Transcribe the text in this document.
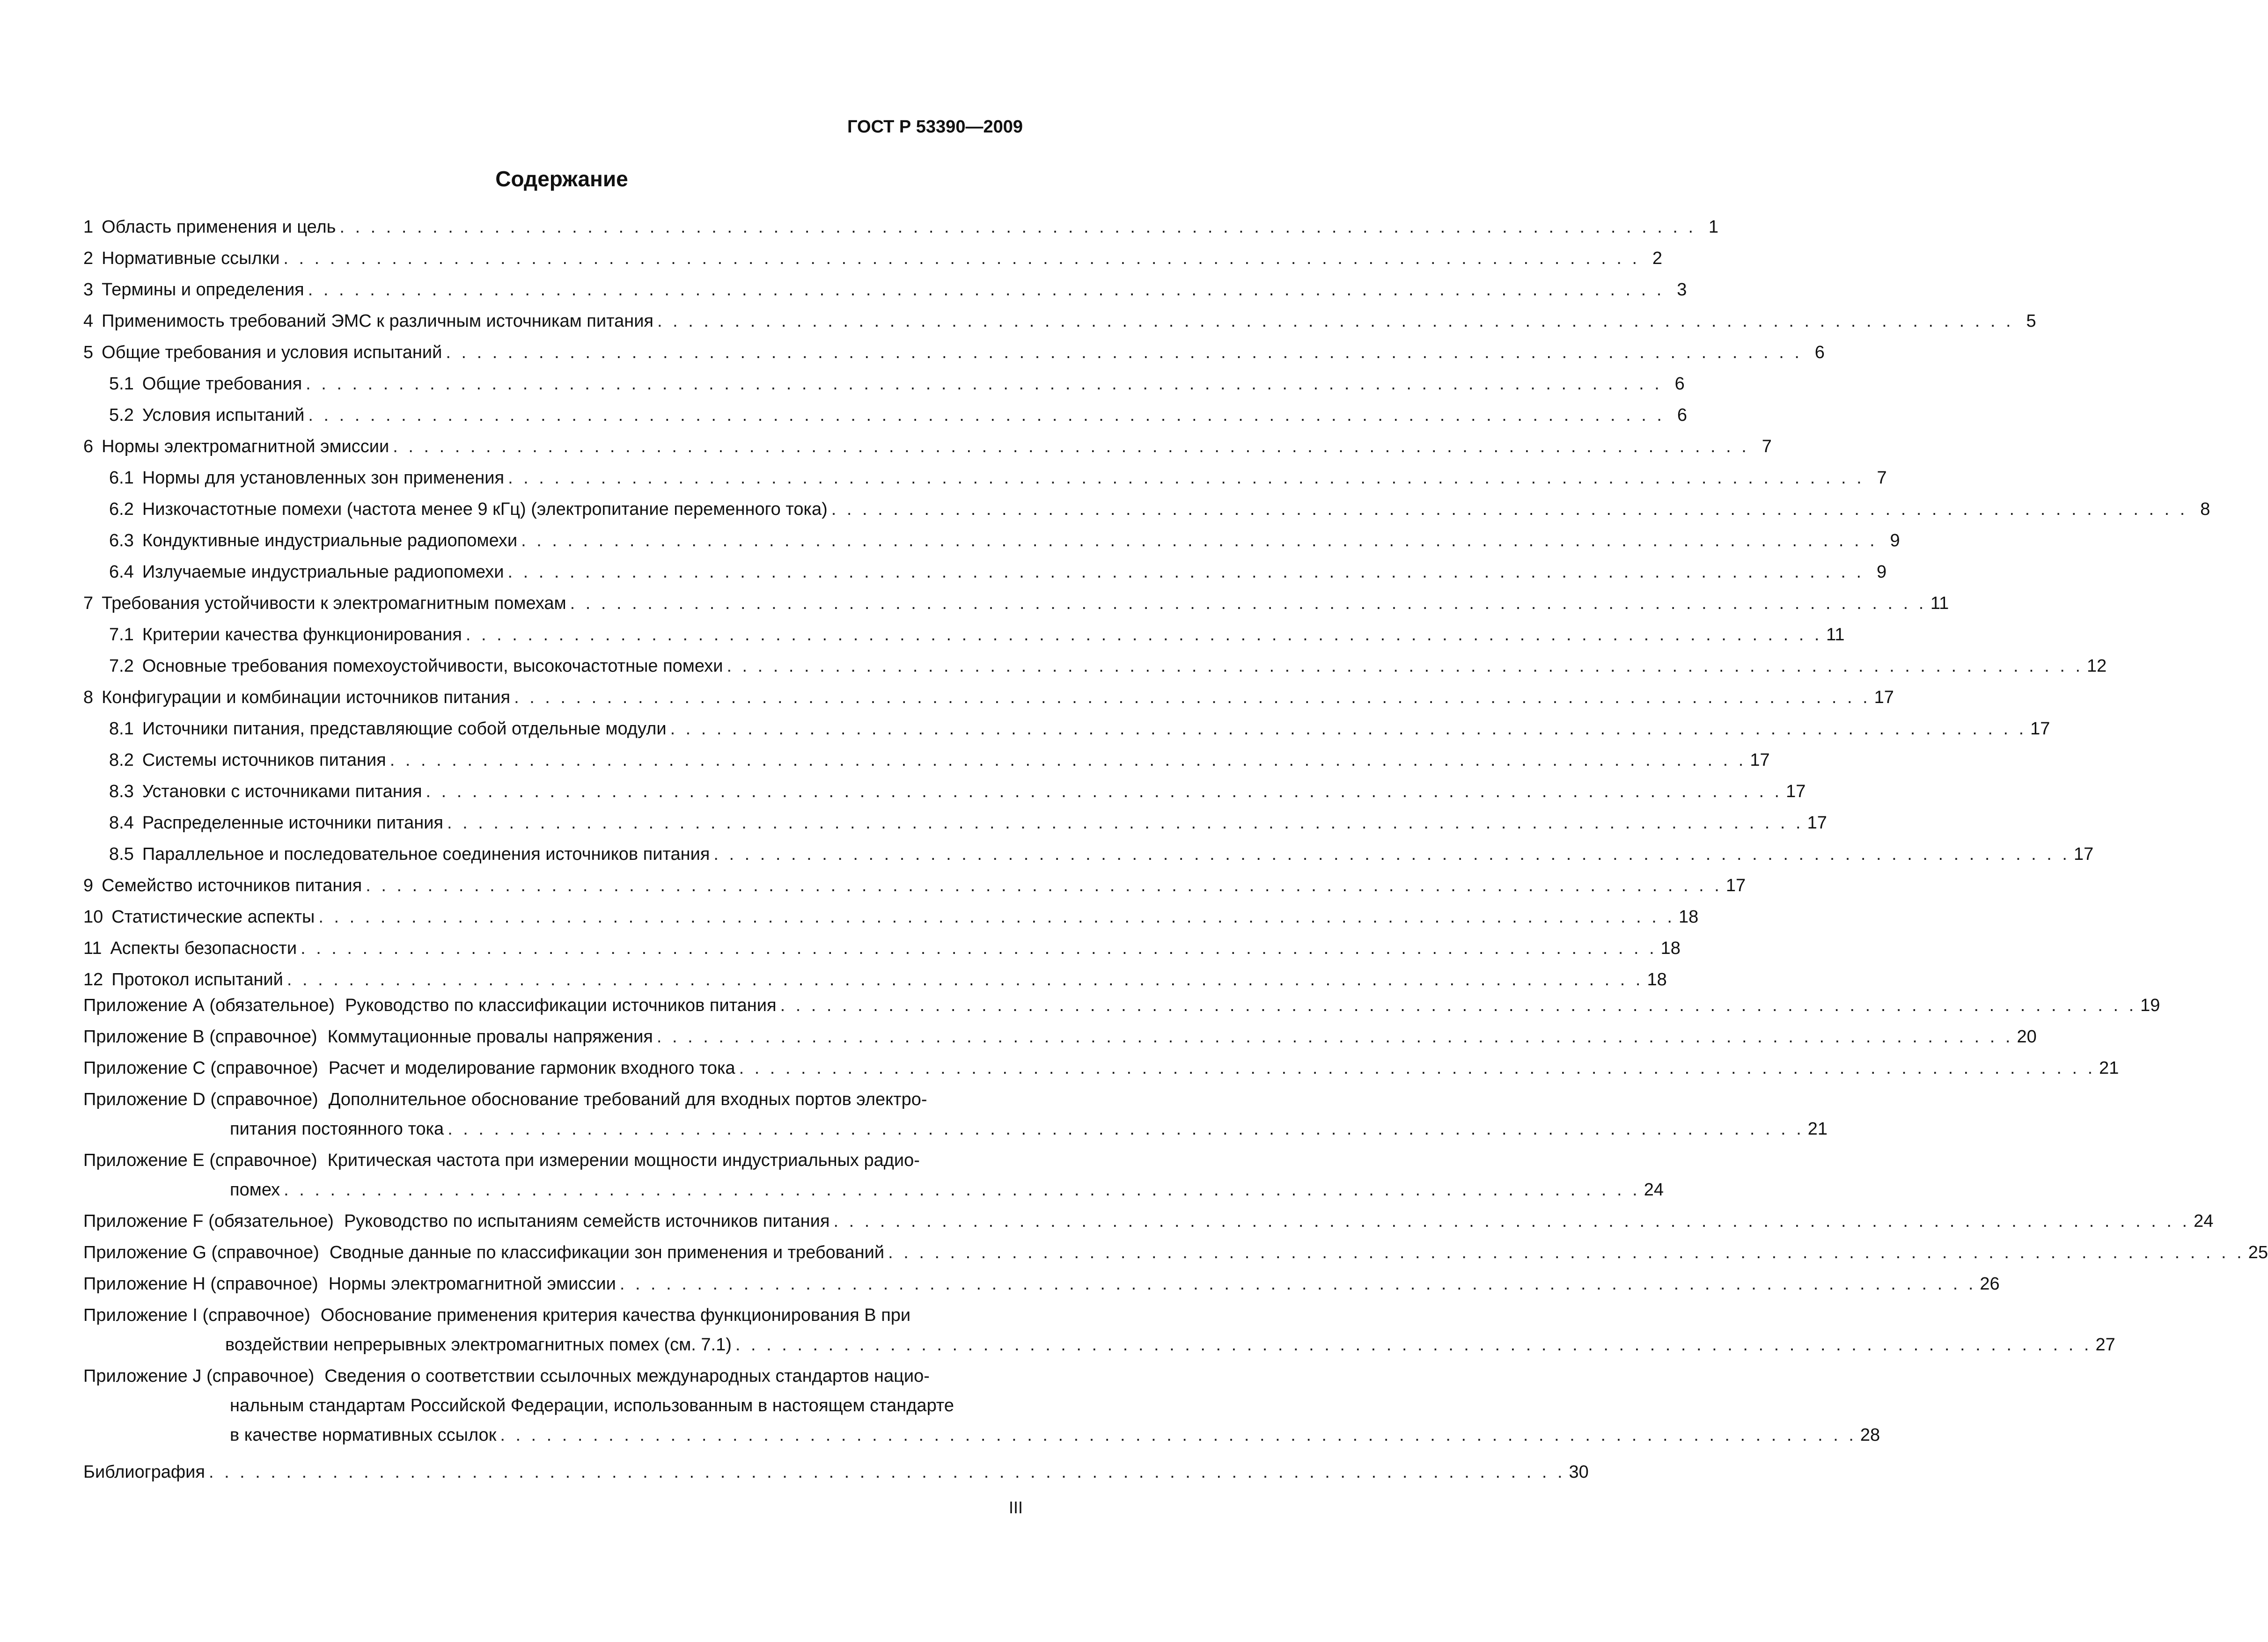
ГОСТ Р 53390—2009
Содержание
1 Область применения и цель . . . . . . . . . . . . . . . . . . . . . . . . . . . . . . . . . . . . . . . . . . . . . . . . . . . . . . . . . . . . . . . . . . . . . . . . . . . . . . . . . . . . . . . . 1
2 Нормативные ссылки . . . . . . . . . . . . . . . . . . . . . . . . . . . . . . . . . . . . . . . . . . . . . . . . . . . . . . . . . . . . . . . . . . . . . . . . . . . . . . . . . . . . . . . . 2
3 Термины и определения . . . . . . . . . . . . . . . . . . . . . . . . . . . . . . . . . . . . . . . . . . . . . . . . . . . . . . . . . . . . . . . . . . . . . . . . . . . . . . . . . . . . . . . . 3
4 Применимость требований ЭМС к различным источникам питания . . . . . . . . . . . . . . . . . . . . . . . . . . . . . . . . . . . . . . . . . . . . . . . . . . . . . . . . . . . . . . . . . . . . . . . . . . . . . . . . . . . . . . . . 5
5 Общие требования и условия испытаний . . . . . . . . . . . . . . . . . . . . . . . . . . . . . . . . . . . . . . . . . . . . . . . . . . . . . . . . . . . . . . . . . . . . . . . . . . . . . . . . . . . . . . . . 6
5.1 Общие требования . . . . . . . . . . . . . . . . . . . . . . . . . . . . . . . . . . . . . . . . . . . . . . . . . . . . . . . . . . . . . . . . . . . . . . . . . . . . . . . . . . . . . . . . 6
5.2 Условия испытаний . . . . . . . . . . . . . . . . . . . . . . . . . . . . . . . . . . . . . . . . . . . . . . . . . . . . . . . . . . . . . . . . . . . . . . . . . . . . . . . . . . . . . . . . 6
6 Нормы электромагнитной эмиссии . . . . . . . . . . . . . . . . . . . . . . . . . . . . . . . . . . . . . . . . . . . . . . . . . . . . . . . . . . . . . . . . . . . . . . . . . . . . . . . . . . . . . . . . 7
6.1 Нормы для установленных зон применения . . . . . . . . . . . . . . . . . . . . . . . . . . . . . . . . . . . . . . . . . . . . . . . . . . . . . . . . . . . . . . . . . . . . . . . . . . . . . . . . . . . . . . . . 7
6.2 Низкочастотные помехи (частота менее 9 кГц) (электропитание переменного тока) . . . . . . . . . . . . . . . . . . . . . . . . . . . . . . . . . . . . . . . . . . . . . . . . . . . . . . . . . . . . . . . . . . . . . . . . . . . . . . . . . . . . . . . . 8
6.3 Кондуктивные индустриальные радиопомехи . . . . . . . . . . . . . . . . . . . . . . . . . . . . . . . . . . . . . . . . . . . . . . . . . . . . . . . . . . . . . . . . . . . . . . . . . . . . . . . . . . . . . . . . 9
6.4 Излучаемые индустриальные радиопомехи . . . . . . . . . . . . . . . . . . . . . . . . . . . . . . . . . . . . . . . . . . . . . . . . . . . . . . . . . . . . . . . . . . . . . . . . . . . . . . . . . . . . . . . . 9
7 Требования устойчивости к электромагнитным помехам . . . . . . . . . . . . . . . . . . . . . . . . . . . . . . . . . . . . . . . . . . . . . . . . . . . . . . . . . . . . . . . . . . . . . . . . . . . . . . . . . . . . . . . . 11
7.1 Критерии качества функционирования . . . . . . . . . . . . . . . . . . . . . . . . . . . . . . . . . . . . . . . . . . . . . . . . . . . . . . . . . . . . . . . . . . . . . . . . . . . . . . . . . . . . . . . . 11
7.2 Основные требования помехоустойчивости, высокочастотные помехи . . . . . . . . . . . . . . . . . . . . . . . . . . . . . . . . . . . . . . . . . . . . . . . . . . . . . . . . . . . . . . . . . . . . . . . . . . . . . . . . . . . . . . . . 12
8 Конфигурации и комбинации источников питания . . . . . . . . . . . . . . . . . . . . . . . . . . . . . . . . . . . . . . . . . . . . . . . . . . . . . . . . . . . . . . . . . . . . . . . . . . . . . . . . . . . . . . . . 17
8.1 Источники питания, представляющие собой отдельные модули . . . . . . . . . . . . . . . . . . . . . . . . . . . . . . . . . . . . . . . . . . . . . . . . . . . . . . . . . . . . . . . . . . . . . . . . . . . . . . . . . . . . . . . . 17
8.2 Системы источников питания . . . . . . . . . . . . . . . . . . . . . . . . . . . . . . . . . . . . . . . . . . . . . . . . . . . . . . . . . . . . . . . . . . . . . . . . . . . . . . . . . . . . . . . . 17
8.3 Установки с источниками питания . . . . . . . . . . . . . . . . . . . . . . . . . . . . . . . . . . . . . . . . . . . . . . . . . . . . . . . . . . . . . . . . . . . . . . . . . . . . . . . . . . . . . . . . 17
8.4 Распределенные источники питания . . . . . . . . . . . . . . . . . . . . . . . . . . . . . . . . . . . . . . . . . . . . . . . . . . . . . . . . . . . . . . . . . . . . . . . . . . . . . . . . . . . . . . . . 17
8.5 Параллельное и последовательное соединения источников питания . . . . . . . . . . . . . . . . . . . . . . . . . . . . . . . . . . . . . . . . . . . . . . . . . . . . . . . . . . . . . . . . . . . . . . . . . . . . . . . . . . . . . . . . 17
9 Семейство источников питания . . . . . . . . . . . . . . . . . . . . . . . . . . . . . . . . . . . . . . . . . . . . . . . . . . . . . . . . . . . . . . . . . . . . . . . . . . . . . . . . . . . . . . . . 17
10 Статистические аспекты . . . . . . . . . . . . . . . . . . . . . . . . . . . . . . . . . . . . . . . . . . . . . . . . . . . . . . . . . . . . . . . . . . . . . . . . . . . . . . . . . . . . . . . . 18
11 Аспекты безопасности . . . . . . . . . . . . . . . . . . . . . . . . . . . . . . . . . . . . . . . . . . . . . . . . . . . . . . . . . . . . . . . . . . . . . . . . . . . . . . . . . . . . . . . . 18
12 Протокол испытаний . . . . . . . . . . . . . . . . . . . . . . . . . . . . . . . . . . . . . . . . . . . . . . . . . . . . . . . . . . . . . . . . . . . . . . . . . . . . . . . . . . . . . . . . 18
Приложение А (обязательное) Руководство по классификации источников питания . . . . . . . . . . . . . . . . . . . . . . . . . . . . . . . . . . . . . . . . . . . . . . . . . . . . . . . . . . . . . . . . . . . . . . . . . . . . . . . . . . . . . . . . 19
Приложение В (справочное) Коммутационные провалы напряжения . . . . . . . . . . . . . . . . . . . . . . . . . . . . . . . . . . . . . . . . . . . . . . . . . . . . . . . . . . . . . . . . . . . . . . . . . . . . . . . . . . . . . . . . 20
Приложение С (справочное) Расчет и моделирование гармоник входного тока . . . . . . . . . . . . . . . . . . . . . . . . . . . . . . . . . . . . . . . . . . . . . . . . . . . . . . . . . . . . . . . . . . . . . . . . . . . . . . . . . . . . . . . . 21
Приложение D (справочное) Дополнительное обоснование требований для входных портов электро-
питания постоянного тока . . . . . . . . . . . . . . . . . . . . . . . . . . . . . . . . . . . . . . . . . . . . . . . . . . . . . . . . . . . . . . . . . . . . . . . . . . . . . . . . . . . . . . . . 21
Приложение Е (справочное) Критическая частота при измерении мощности индустриальных радио-
помех . . . . . . . . . . . . . . . . . . . . . . . . . . . . . . . . . . . . . . . . . . . . . . . . . . . . . . . . . . . . . . . . . . . . . . . . . . . . . . . . . . . . . . . . 24
Приложение F (обязательное) Руководство по испытаниям семейств источников питания . . . . . . . . . . . . . . . . . . . . . . . . . . . . . . . . . . . . . . . . . . . . . . . . . . . . . . . . . . . . . . . . . . . . . . . . . . . . . . . . . . . . . . . . 24
Приложение G (справочное) Сводные данные по классификации зон применения и требований . . . . . . . . . . . . . . . . . . . . . . . . . . . . . . . . . . . . . . . . . . . . . . . . . . . . . . . . . . . . . . . . . . . . . . . . . . . . . . . . . . . . . . . . 25
Приложение Н (справочное) Нормы электромагнитной эмиссии . . . . . . . . . . . . . . . . . . . . . . . . . . . . . . . . . . . . . . . . . . . . . . . . . . . . . . . . . . . . . . . . . . . . . . . . . . . . . . . . . . . . . . . . 26
Приложение I (справочное) Обоснование применения критерия качества функционирования В при
воздействии непрерывных электромагнитных помех (см. 7.1) . . . . . . . . . . . . . . . . . . . . . . . . . . . . . . . . . . . . . . . . . . . . . . . . . . . . . . . . . . . . . . . . . . . . . . . . . . . . . . . . . . . . . . . . 27
Приложение J (справочное) Сведения о соответствии ссылочных международных стандартов нацио-
нальным стандартам Российской Федерации, использованным в настоящем стандарте
в качестве нормативных ссылок . . . . . . . . . . . . . . . . . . . . . . . . . . . . . . . . . . . . . . . . . . . . . . . . . . . . . . . . . . . . . . . . . . . . . . . . . . . . . . . . . . . . . . . . 28
Библиография . . . . . . . . . . . . . . . . . . . . . . . . . . . . . . . . . . . . . . . . . . . . . . . . . . . . . . . . . . . . . . . . . . . . . . . . . . . . . . . . . . . . . . . . 30
III
